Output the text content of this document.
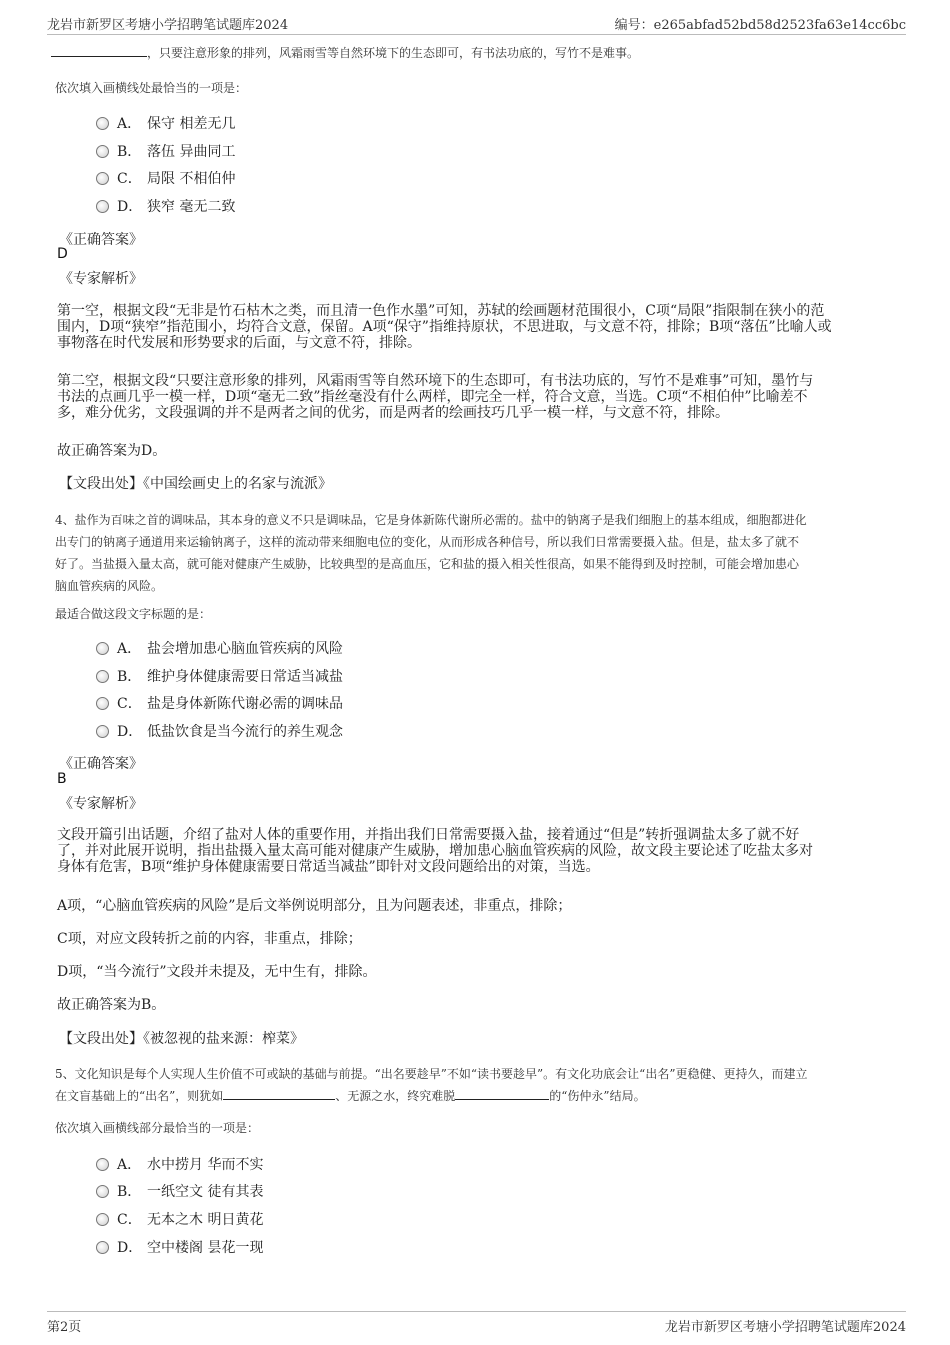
龙岩市新罗区考塘小学招聘笔试题库2024	编号：e265abfad52bd58d2523fa63e14cc6bc
，只要注意形象的排列，风霜雨雪等自然环境下的生态即可，有书法功底的，写竹不是难事。
依次填入画横线处最恰当的一项是：
A． 保守 相差无几
B． 落伍 异曲同工
C． 局限 不相伯仲
D． 狭窄 毫无二致
《正确答案》
D
《专家解析》
第一空，根据文段“无非是竹石枯木之类，而且清一色作水墨”可知，苏轼的绘画题材范围很小，C项“局限”指限制在狭小的范
围内，D项“狭窄”指范围小，均符合文意，保留。A项“保守”指维持原状，不思进取，与文意不符，排除；B项“落伍”比喻人或
事物落在时代发展和形势要求的后面，与文意不符，排除。
第二空，根据文段“只要注意形象的排列，风霜雨雪等自然环境下的生态即可，有书法功底的，写竹不是难事”可知，墨竹与
书法的点画几乎一模一样，D项“毫无二致”指丝毫没有什么两样，即完全一样，符合文意，当选。C项“不相伯仲”比喻差不
多，难分优劣，文段强调的并不是两者之间的优劣，而是两者的绘画技巧几乎一模一样，与文意不符，排除。
故正确答案为D。
【文段出处】《中国绘画史上的名家与流派》
4、盐作为百味之首的调味品，其本身的意义不只是调味品，它是身体新陈代谢所必需的。盐中的钠离子是我们细胞上的基本组成，细胞都进化
出专门的钠离子通道用来运输钠离子，这样的流动带来细胞电位的变化，从而形成各种信号，所以我们日常需要摄入盐。但是，盐太多了就不
好了。当盐摄入量太高，就可能对健康产生威胁，比较典型的是高血压，它和盐的摄入相关性很高，如果不能得到及时控制，可能会增加患心
脑血管疾病的风险。
最适合做这段文字标题的是：
A． 盐会增加患心脑血管疾病的风险
B． 维护身体健康需要日常适当减盐
C． 盐是身体新陈代谢必需的调味品
D． 低盐饮食是当今流行的养生观念
《正确答案》
B
《专家解析》
文段开篇引出话题，介绍了盐对人体的重要作用，并指出我们日常需要摄入盐，接着通过“但是”转折强调盐太多了就不好
了，并对此展开说明，指出盐摄入量太高可能对健康产生威胁，增加患心脑血管疾病的风险，故文段主要论述了吃盐太多对
身体有危害，B项“维护身体健康需要日常适当减盐”即针对文段问题给出的对策，当选。
A项，“心脑血管疾病的风险”是后文举例说明部分，且为问题表述，非重点，排除；
C项，对应文段转折之前的内容，非重点，排除；
D项，“当今流行”文段并未提及，无中生有，排除。
故正确答案为B。
【文段出处】《被忽视的盐来源：榨菜》
5、文化知识是每个人实现人生价值不可或缺的基础与前提。“出名要趁早”不如“读书要趁早”。有文化功底会让“出名”更稳健、更持久，而建立
在文盲基础上的“出名”，则犹如	、无源之水，终究难脱	的“伤仲永”结局。
依次填入画横线部分最恰当的一项是：
A． 水中捞月 华而不实
B． 一纸空文 徒有其表
C． 无本之木 明日黄花
D． 空中楼阁 昙花一现
第2页	龙岩市新罗区考塘小学招聘笔试题库2024
